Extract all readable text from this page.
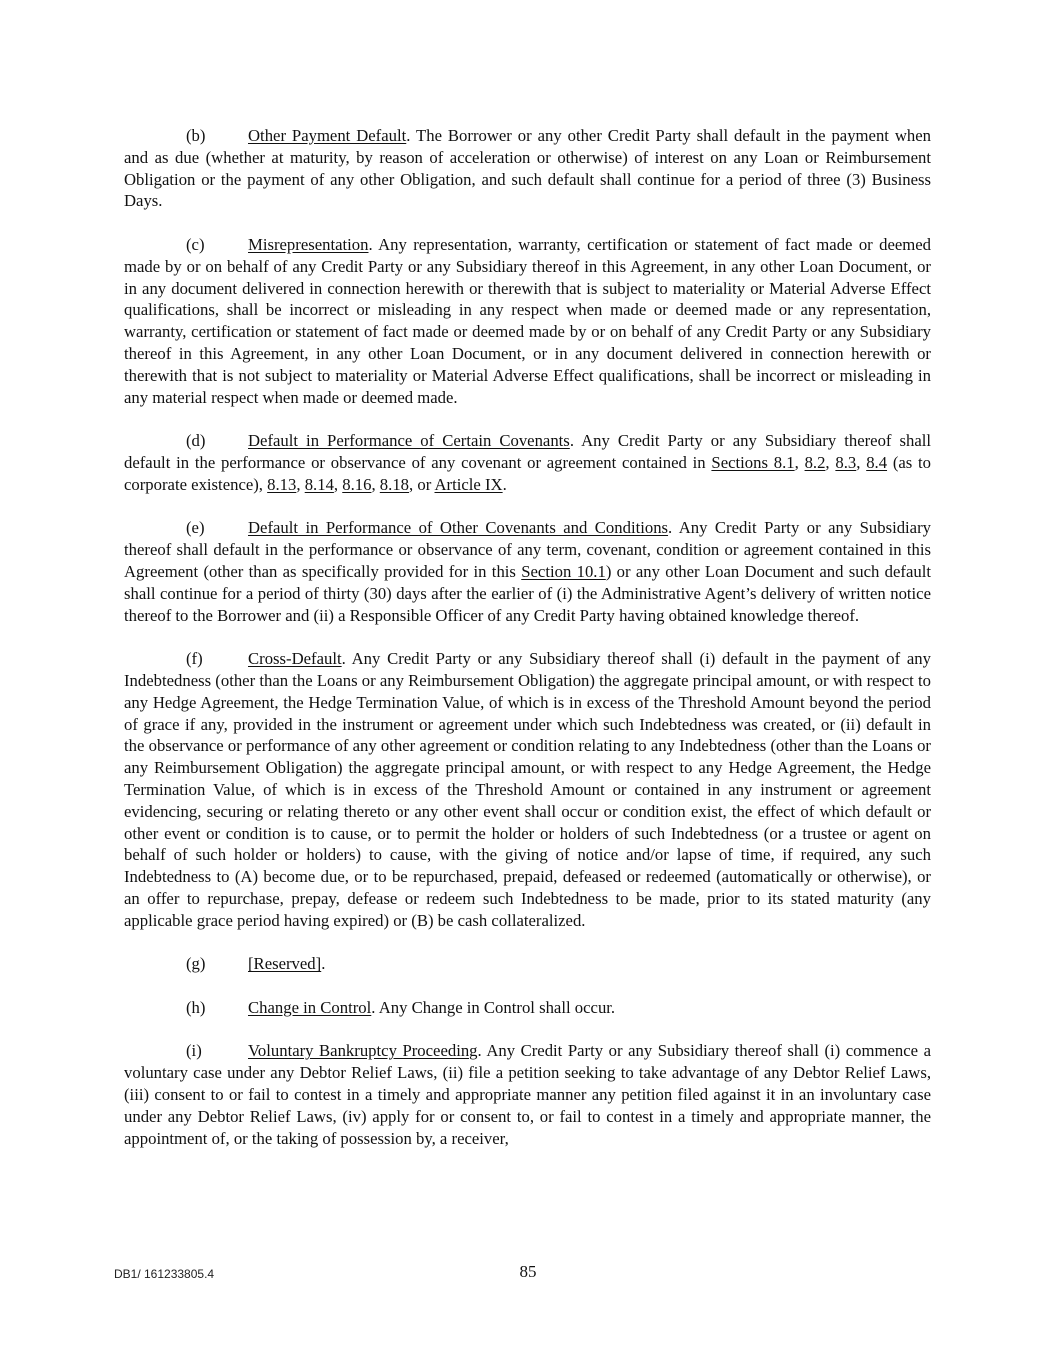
(b)	Other Payment Default. The Borrower or any other Credit Party shall default in the payment when and as due (whether at maturity, by reason of acceleration or otherwise) of interest on any Loan or Reimbursement Obligation or the payment of any other Obligation, and such default shall continue for a period of three (3) Business Days.

(c)	Misrepresentation. Any representation, warranty, certification or statement of fact made or deemed made by or on behalf of any Credit Party or any Subsidiary thereof in this Agreement, in any other Loan Document, or in any document delivered in connection herewith or therewith that is subject to materiality or Material Adverse Effect qualifications, shall be incorrect or misleading in any respect when made or deemed made or any representation, warranty, certification or statement of fact made or deemed made by or on behalf of any Credit Party or any Subsidiary thereof in this Agreement, in any other Loan Document, or in any document delivered in connection herewith or therewith that is not subject to materiality or Material Adverse Effect qualifications, shall be incorrect or misleading in any material respect when made or deemed made.

(d)	Default in Performance of Certain Covenants. Any Credit Party or any Subsidiary thereof shall default in the performance or observance of any covenant or agreement contained in Sections 8.1, 8.2, 8.3, 8.4 (as to corporate existence), 8.13, 8.14, 8.16, 8.18, or Article IX.

(e)	Default in Performance of Other Covenants and Conditions. Any Credit Party or any Subsidiary thereof shall default in the performance or observance of any term, covenant, condition or agreement contained in this Agreement (other than as specifically provided for in this Section 10.1) or any other Loan Document and such default shall continue for a period of thirty (30) days after the earlier of (i) the Administrative Agent’s delivery of written notice thereof to the Borrower and (ii) a Responsible Officer of any Credit Party having obtained knowledge thereof.

(f)	Cross-Default. Any Credit Party or any Subsidiary thereof shall (i) default in the payment of any Indebtedness (other than the Loans or any Reimbursement Obligation) the aggregate principal amount, or with respect to any Hedge Agreement, the Hedge Termination Value, of which is in excess of the Threshold Amount beyond the period of grace if any, provided in the instrument or agreement under which such Indebtedness was created, or (ii) default in the observance or performance of any other agreement or condition relating to any Indebtedness (other than the Loans or any Reimbursement Obligation) the aggregate principal amount, or with respect to any Hedge Agreement, the Hedge Termination Value, of which is in excess of the Threshold Amount or contained in any instrument or agreement evidencing, securing or relating thereto or any other event shall occur or condition exist, the effect of which default or other event or condition is to cause, or to permit the holder or holders of such Indebtedness (or a trustee or agent on behalf of such holder or holders) to cause, with the giving of notice and/or lapse of time, if required, any such Indebtedness to (A) become due, or to be repurchased, prepaid, defeased or redeemed (automatically or otherwise), or an offer to repurchase, prepay, defease or redeem such Indebtedness to be made, prior to its stated maturity (any applicable grace period having expired) or (B) be cash collateralized.

(g)	[Reserved].

(h)	Change in Control. Any Change in Control shall occur.

(i)	Voluntary Bankruptcy Proceeding. Any Credit Party or any Subsidiary thereof shall (i) commence a voluntary case under any Debtor Relief Laws, (ii) file a petition seeking to take advantage of any Debtor Relief Laws, (iii) consent to or fail to contest in a timely and appropriate manner any petition filed against it in an involuntary case under any Debtor Relief Laws, (iv) apply for or consent to, or fail to contest in a timely and appropriate manner, the appointment of, or the taking of possession by, a receiver,

DB1/ 161233805.4	85
